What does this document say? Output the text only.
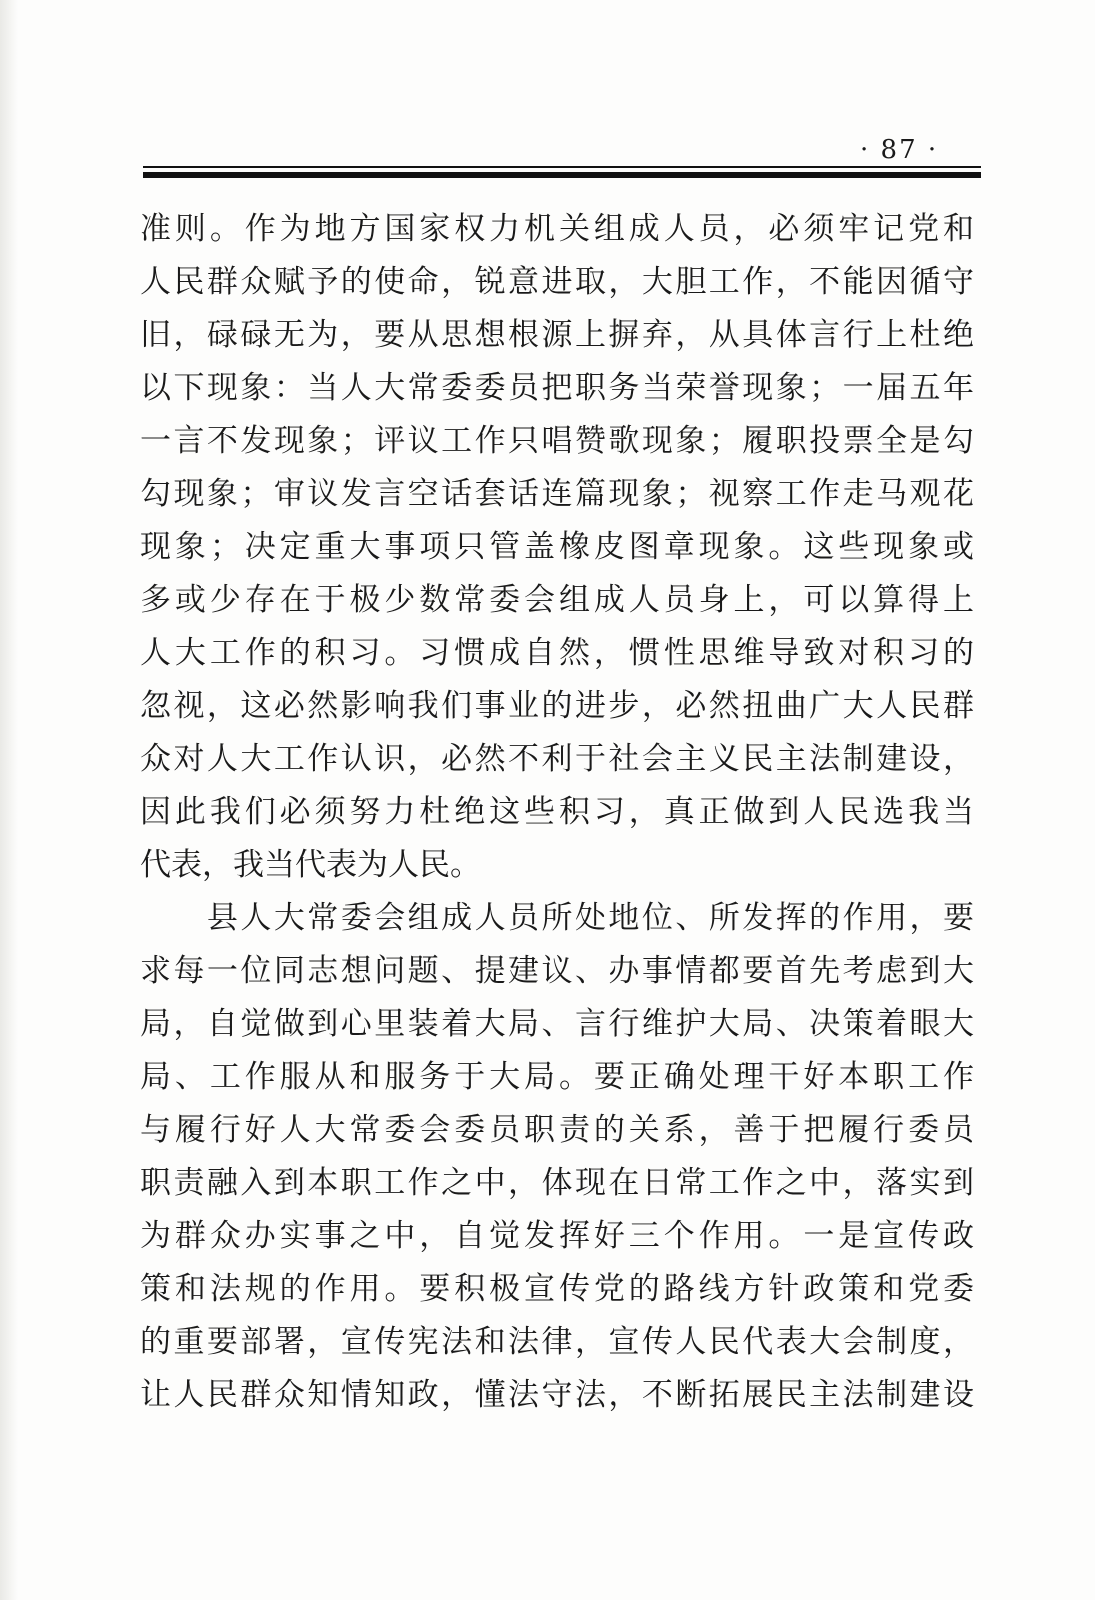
· 87 ·
准则。作为地方国家权力机关组成人员，必须牢记党和
人民群众赋予的使命，锐意进取，大胆工作，不能因循守
旧，碌碌无为，要从思想根源上摒弃，从具体言行上杜绝
以下现象：当人大常委委员把职务当荣誉现象；一届五年
一言不发现象；评议工作只唱赞歌现象；履职投票全是勾
勾现象；审议发言空话套话连篇现象；视察工作走马观花
现象；决定重大事项只管盖橡皮图章现象。这些现象或
多或少存在于极少数常委会组成人员身上，可以算得上
人大工作的积习。习惯成自然，惯性思维导致对积习的
忽视，这必然影响我们事业的进步，必然扭曲广大人民群
众对人大工作认识，必然不利于社会主义民主法制建设，
因此我们必须努力杜绝这些积习，真正做到人民选我当
代表，我当代表为人民。
　　县人大常委会组成人员所处地位、所发挥的作用，要
求每一位同志想问题、提建议、办事情都要首先考虑到大
局，自觉做到心里装着大局、言行维护大局、决策着眼大
局、工作服从和服务于大局。要正确处理干好本职工作
与履行好人大常委会委员职责的关系，善于把履行委员
职责融入到本职工作之中，体现在日常工作之中，落实到
为群众办实事之中，自觉发挥好三个作用。一是宣传政
策和法规的作用。要积极宣传党的路线方针政策和党委
的重要部署，宣传宪法和法律，宣传人民代表大会制度，
让人民群众知情知政，懂法守法，不断拓展民主法制建设
